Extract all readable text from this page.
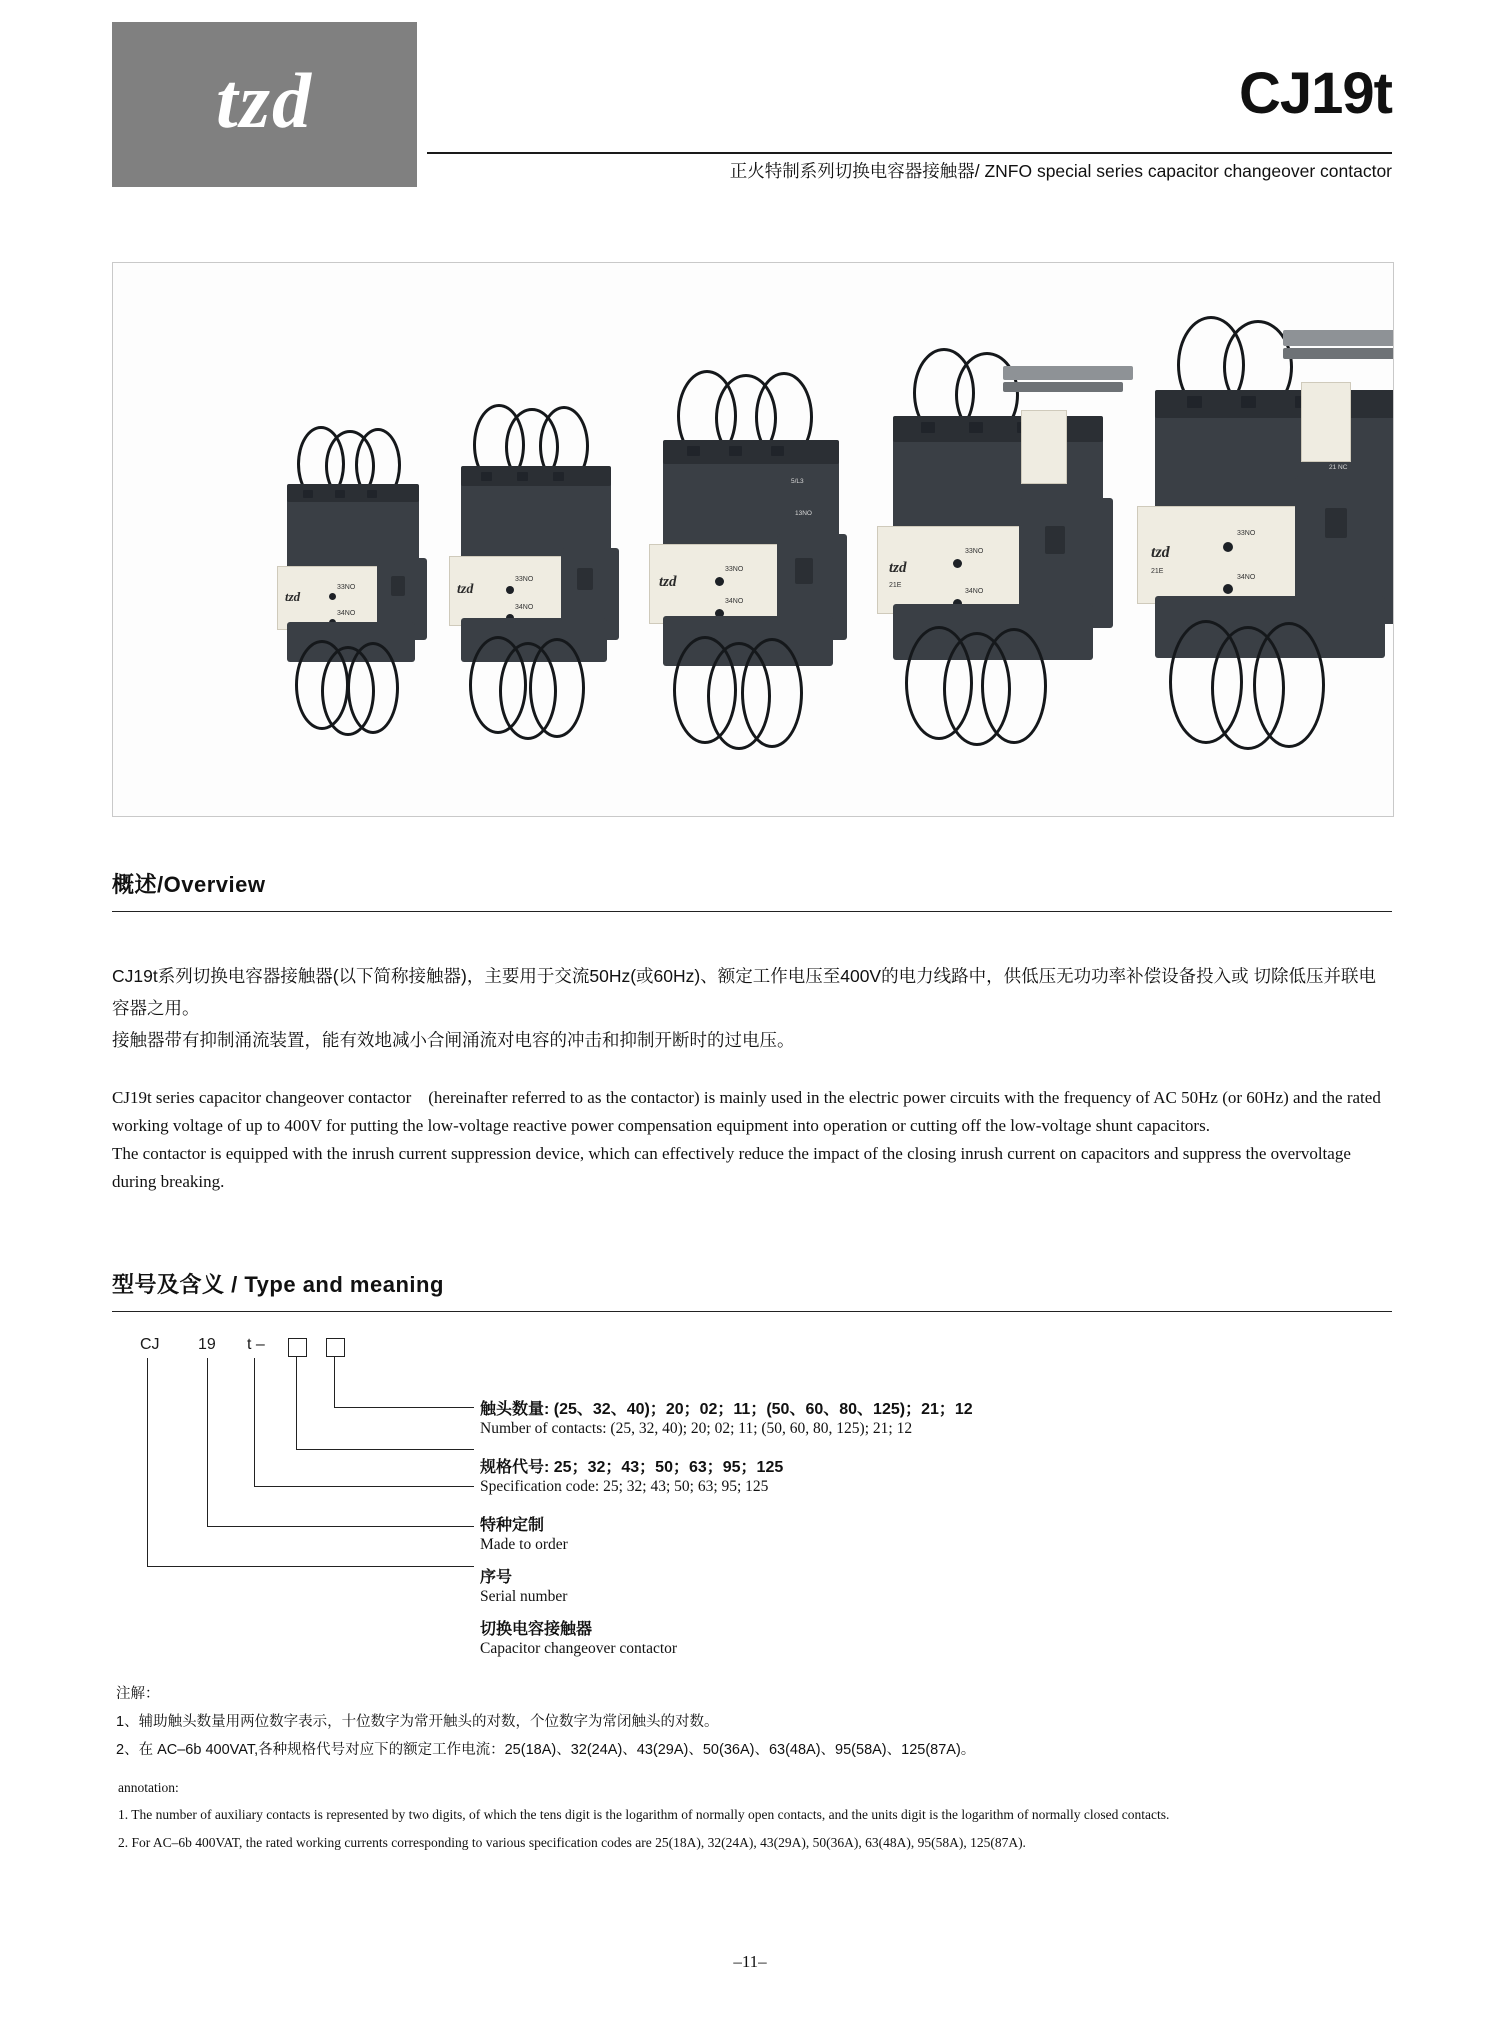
tzd	CJ19t
正火特制系列切换电容器接触器/ ZNFO special series capacitor changeover contactor
tzd
33NO
34NO
tzd
33NO
34NO
5/L3
13NO
tzd
33NO
34NO
tzd
33NO
21E
34NO
21 NC
tzd
33NO
21E
34NO
概述/Overview

CJ19t系列切换电容器接触器(以下简称接触器)，主要用于交流50Hz(或60Hz)、额定工作电压至400V的电力线路中，供低压无功功率补偿设备投入或 切除低压并联电容器之用。

接触器带有抑制涌流装置，能有效地减小合闸涌流对电容的冲击和抑制开断时的过电压。

CJ19t series capacitor changeover contactor　(hereinafter referred to as the contactor) is mainly used in the electric power circuits with the frequency of AC 50Hz (or 60Hz) and the rated working voltage of up to 400V for putting the low-voltage reactive power compensation equipment into operation or cutting off the low-voltage shunt capacitors.

The contactor is equipped with the inrush current suppression device, which can effectively reduce the impact of the closing inrush current on capacitors and suppress the overvoltage during breaking.

型号及含义 / Type and meaning
CJ 19 t –
触头数量: (25、32、40)；20；02；11；(50、60、80、125)；21；12
Number of contacts: (25, 32, 40); 20; 02; 11; (50, 60, 80, 125); 21; 12
规格代号: 25；32；43；50；63；95；125
Specification code: 25; 32; 43; 50; 63; 95; 125
特种定制
Made to order
序号
Serial number
切换电容接触器
Capacitor changeover contactor
注解：
1、辅助触头数量用两位数字表示，十位数字为常开触头的对数，个位数字为常闭触头的对数。
2、在 AC–6b 400VAT,各种规格代号对应下的额定工作电流：25(18A)、32(24A)、43(29A)、50(36A)、63(48A)、95(58A)、125(87A)。
annotation:
1. The number of auxiliary contacts is represented by two digits, of which the tens digit is the logarithm of normally open contacts, and the units digit is the logarithm of normally closed contacts.
2. For AC–6b 400VAT, the rated working currents corresponding to various specification codes are 25(18A), 32(24A), 43(29A), 50(36A), 63(48A), 95(58A), 125(87A).
–11–
